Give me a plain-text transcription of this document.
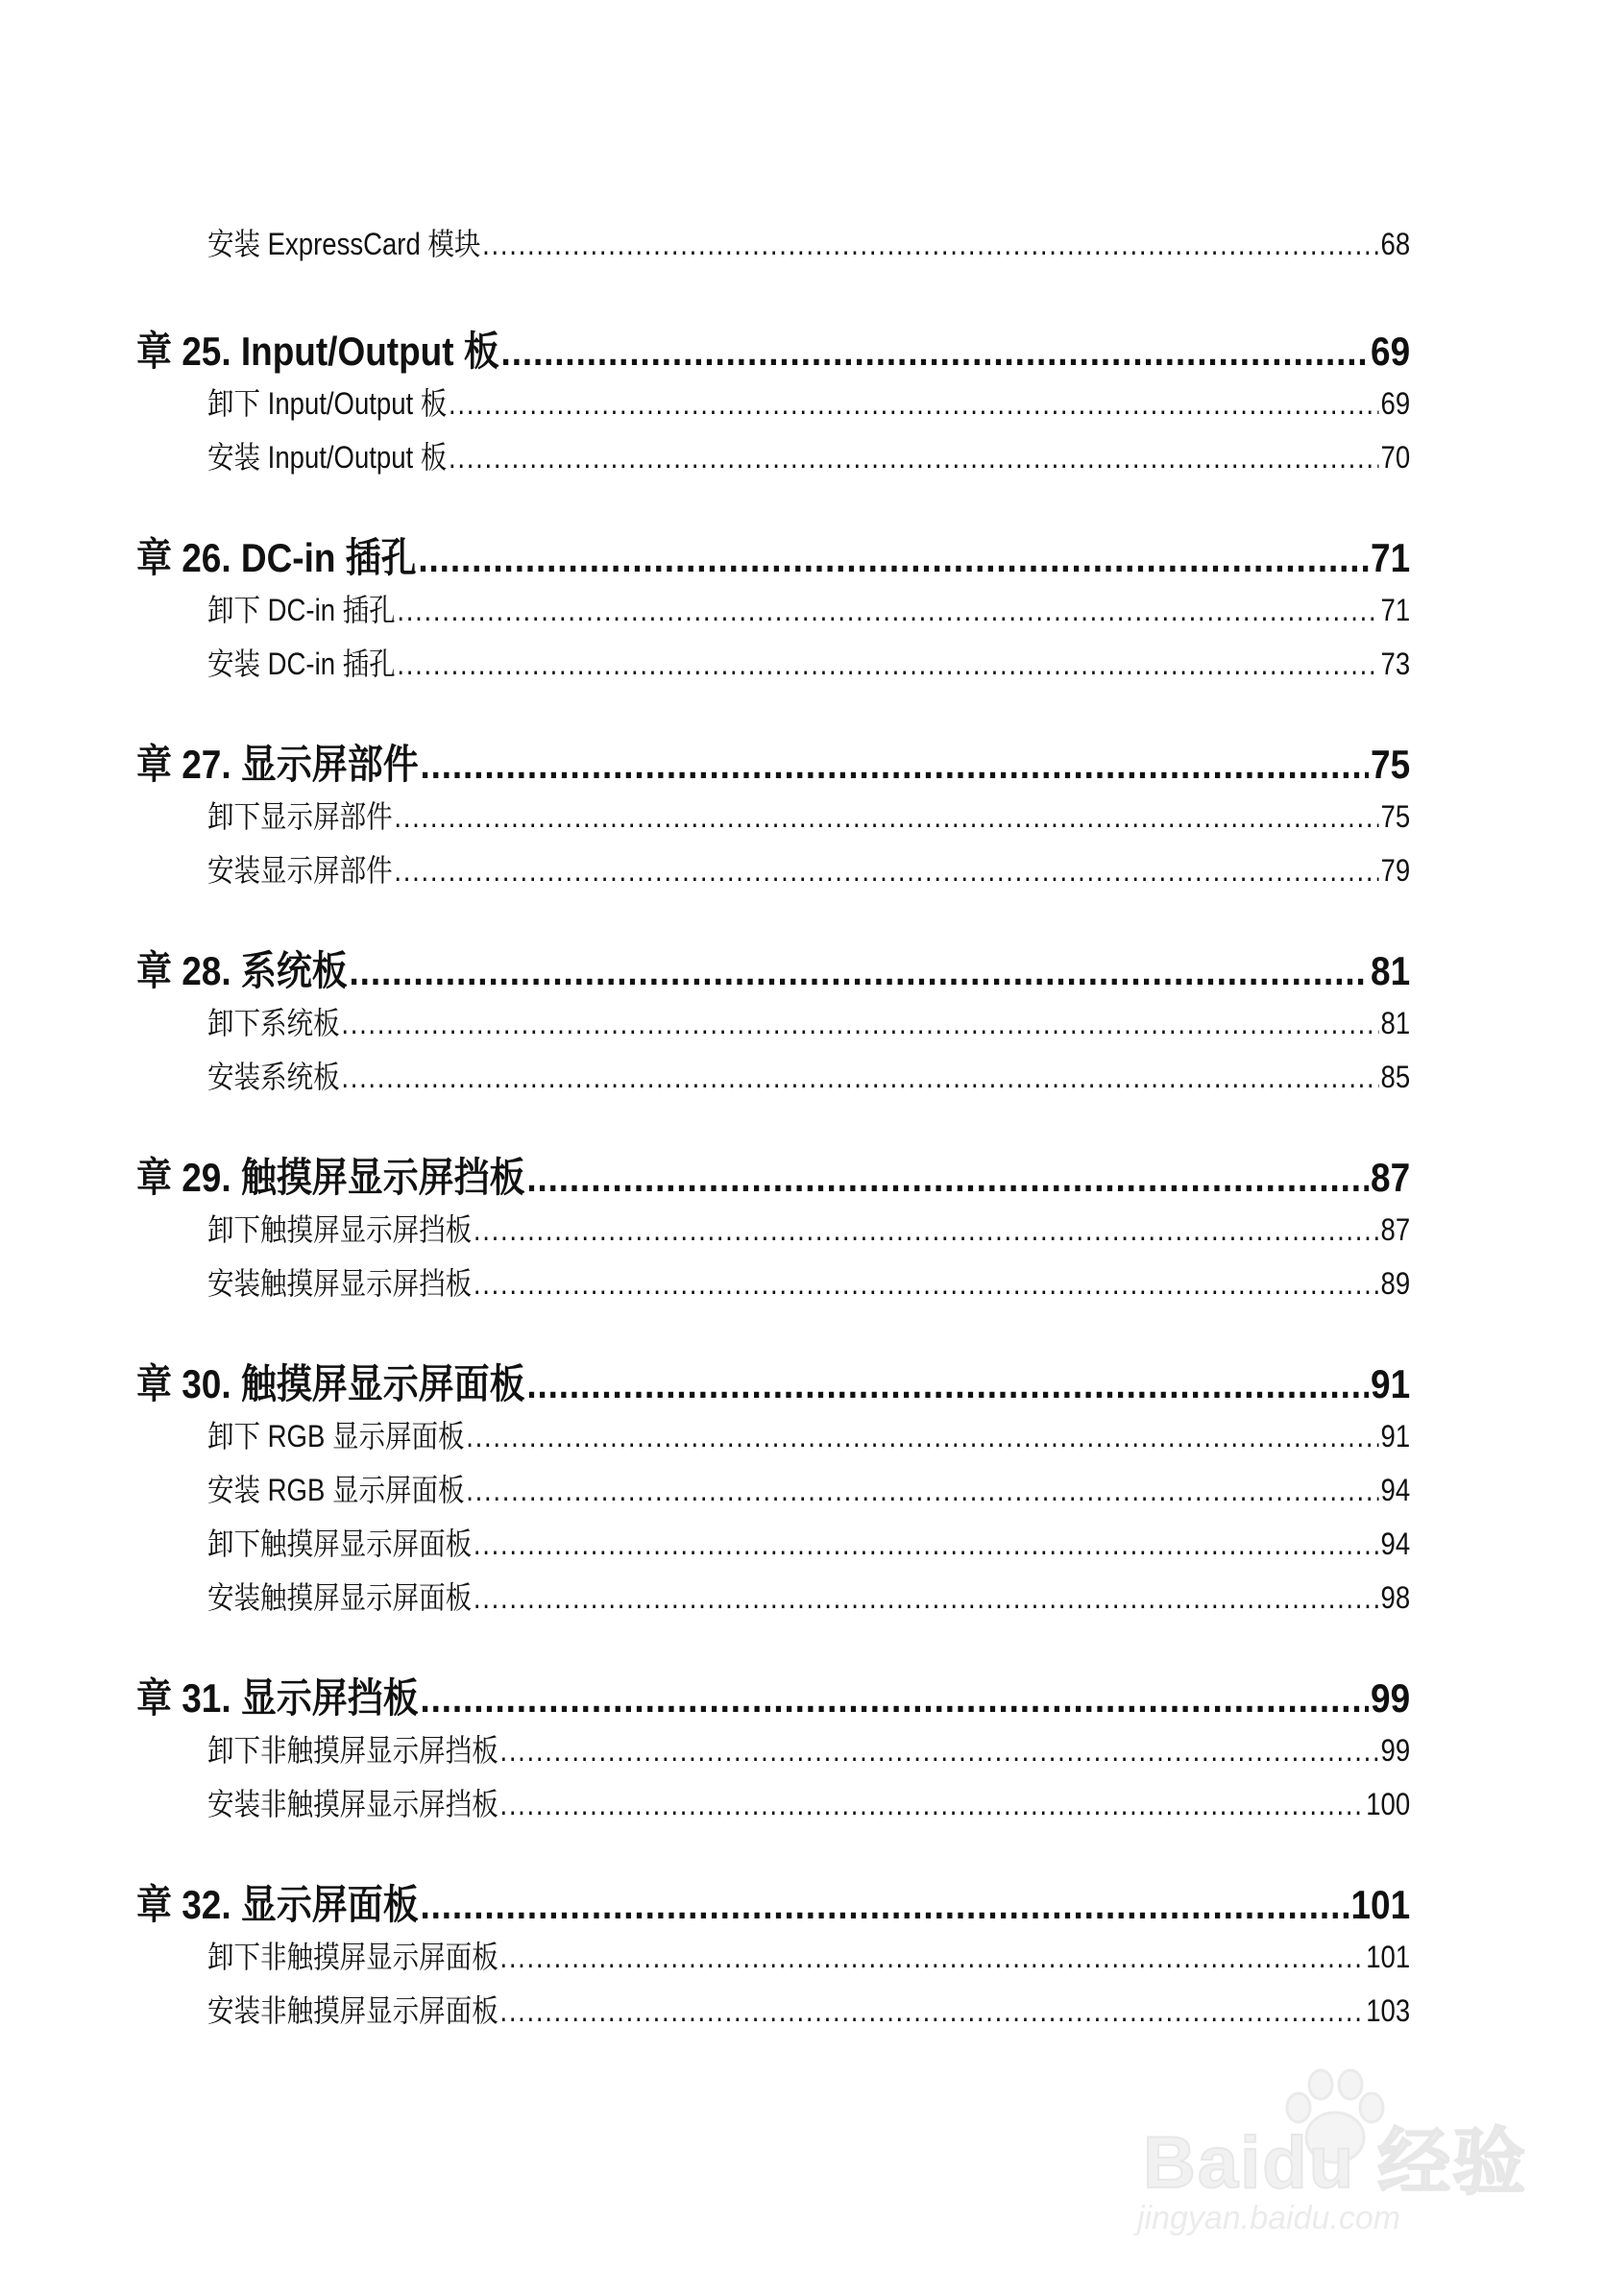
安装 ExpressCard 模块 .....	68
章 25. Input/Output 板 .....	69
卸下 Input/Output 板 .....	69
安装 Input/Output 板 .....	70
章 26. DC-in 插孔 .....	71
卸下 DC-in 插孔 .....	71
安装 DC-in 插孔 .....	73
章 27. 显示屏部件 .....	75
卸下显示屏部件 .....	75
安装显示屏部件 .....	79
章 28. 系统板 .....	81
卸下系统板 .....	81
安装系统板 .....	85
章 29. 触摸屏显示屏挡板 .....	87
卸下触摸屏显示屏挡板 .....	87
安装触摸屏显示屏挡板 .....	89
章 30. 触摸屏显示屏面板 .....	91
卸下 RGB 显示屏面板 .....	91
安装 RGB 显示屏面板 .....	94
卸下触摸屏显示屏面板 .....	94
安装触摸屏显示屏面板 .....	98
章 31. 显示屏挡板 .....	99
卸下非触摸屏显示屏挡板 .....	99
安装非触摸屏显示屏挡板 .....	100
章 32. 显示屏面板 .....	101
卸下非触摸屏显示屏面板 .....	101
安装非触摸屏显示屏面板 .....	103
Baidu 经验
jingyan.baidu.com
